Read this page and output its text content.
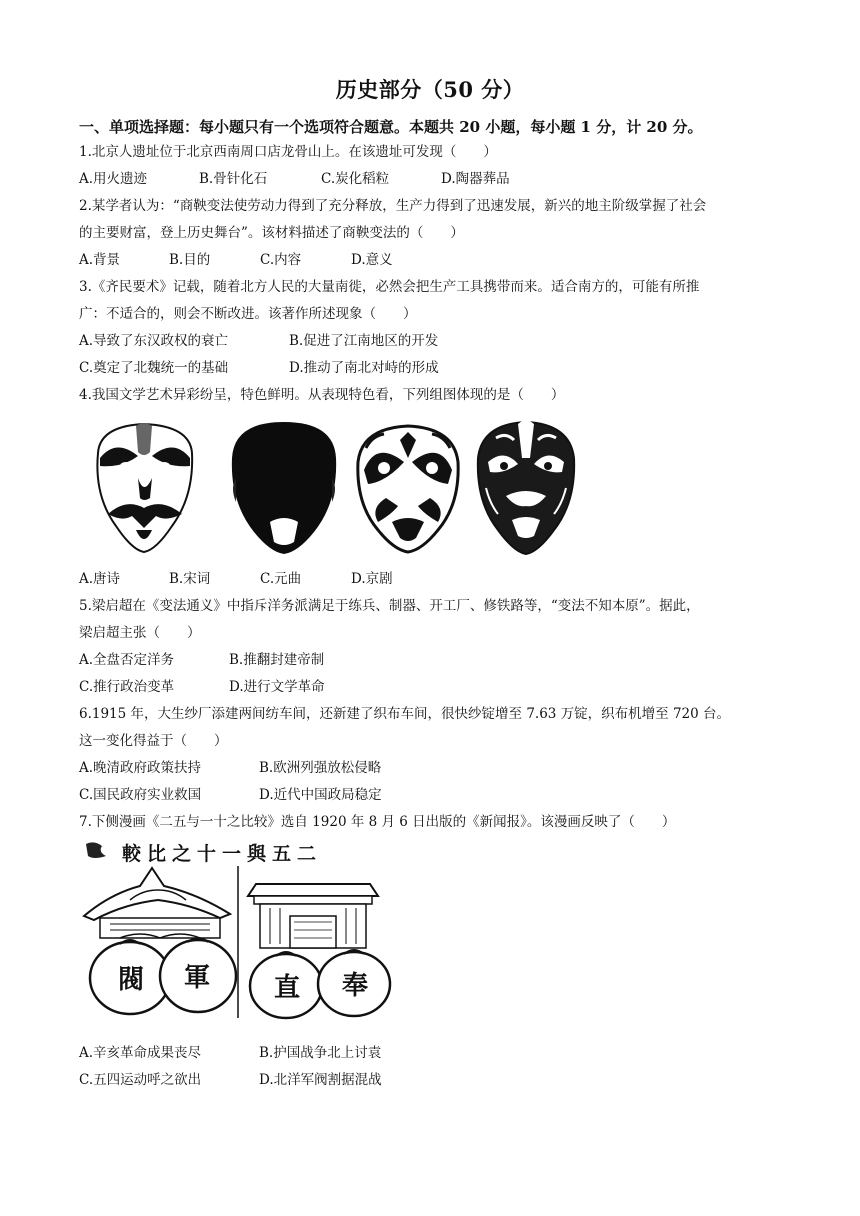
历史部分（50 分）
一、单项选择题：每小题只有一个选项符合题意。本题共 20 小题，每小题 1 分，计 20 分。
1.北京人遗址位于北京西南周口店龙骨山上。在该遗址可发现（　　）
A.用火遗迹	B.骨针化石	C.炭化稻粒	D.陶器葬品
2.某学者认为：“商鞅变法使劳动力得到了充分释放，生产力得到了迅速发展，新兴的地主阶级掌握了社会
的主要财富，登上历史舞台”。该材料描述了商鞅变法的（　　）
A.背景	B.目的	C.内容	D.意义
3.《齐民要术》记载，随着北方人民的大量南徙，必然会把生产工具携带而来。适合南方的，可能有所推
广：不适合的，则会不断改进。该著作所述现象（　　）
A.导致了东汉政权的衰亡	B.促进了江南地区的开发
C.奠定了北魏统一的基础	D.推动了南北对峙的形成
4.我国文学艺术异彩纷呈，特色鲜明。从表现特色看，下列组图体现的是（　　）
A.唐诗	B.宋词	C.元曲	D.京剧
5.梁启超在《变法通义》中指斥洋务派满足于练兵、制器、开工厂、修铁路等，“变法不知本原”。据此，
梁启超主张（　　）
A.全盘否定洋务	B.推翻封建帝制
C.推行政治变革	D.进行文学革命
6.1915 年，大生纱厂添建两间纺车间，还新建了织布车间，很快纱锭增至 7.63 万锭，织布机增至 720 台。
这一变化得益于（　　）
A.晚清政府政策扶持	B.欧洲列强放松侵略
C.国民政府实业救国	D.近代中国政局稳定
7.下侧漫画《二五与一十之比较》选自 1920 年 8 月 6 日出版的《新闻报》。该漫画反映了（　　）
較比之十一與五二
閥 軍 直 奉
A.辛亥革命成果丧尽	B.护国战争北上讨袁
C.五四运动呼之欲出	D.北洋军阀割据混战
